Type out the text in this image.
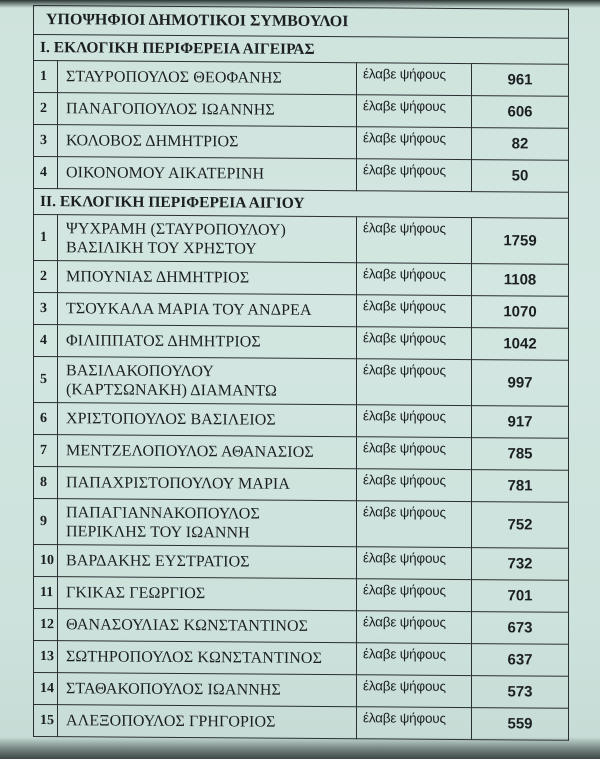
ΥΠΟΨΗΦΙΟΙ ΔΗΜΟΤΙΚΟΙ ΣΥΜΒΟΥΛΟΙ			
Ι. ΕΚΛΟΓΙΚΗ ΠΕΡΙΦΕΡΕΙΑ ΑΙΓΕΙΡΑΣ			
1	ΣΤΑΥΡΟΠΟΥΛΟΣ ΘΕΟΦΑΝΗΣ	έλαβε ψήφους	961
2	ΠΑΝΑΓΟΠΟΥΛΟΣ ΙΩΑΝΝΗΣ	έλαβε ψήφους	606
3	ΚΟΛΟΒΟΣ ΔΗΜΗΤΡΙΟΣ	έλαβε ψήφους	82
4	ΟΙΚΟΝΟΜΟΥ ΑΙΚΑΤΕΡΙΝΗ	έλαβε ψήφους	50
ΙΙ. ΕΚΛΟΓΙΚΗ ΠΕΡΙΦΕΡΕΙΑ ΑΙΓΙΟΥ			
1	ΨΥΧΡΑΜΗ (ΣΤΑΥΡΟΠΟΥΛΟΥ)
ΒΑΣΙΛΙΚΗ ΤΟΥ ΧΡΗΣΤΟΥ	έλαβε ψήφους	1759
2	ΜΠΟΥΝΙΑΣ ΔΗΜΗΤΡΙΟΣ	έλαβε ψήφους	1108
3	ΤΣΟΥΚΑΛΑ ΜΑΡΙΑ ΤΟΥ ΑΝΔΡΕΑ	έλαβε ψήφους	1070
4	ΦΙΛΙΠΠΑΤΟΣ ΔΗΜΗΤΡΙΟΣ	έλαβε ψήφους	1042
5	ΒΑΣΙΛΑΚΟΠΟΥΛΟΥ
(ΚΑΡΤΣΩΝΑΚΗ) ΔΙΑΜΑΝΤΩ	έλαβε ψήφους	997
6	ΧΡΙΣΤΟΠΟΥΛΟΣ ΒΑΣΙΛΕΙΟΣ	έλαβε ψήφους	917
7	ΜΕΝΤΖΕΛΟΠΟΥΛΟΣ ΑΘΑΝΑΣΙΟΣ	έλαβε ψήφους	785
8	ΠΑΠΑΧΡΙΣΤΟΠΟΥΛΟΥ ΜΑΡΙΑ	έλαβε ψήφους	781
9	ΠΑΠΑΓΙΑΝΝΑΚΟΠΟΥΛΟΣ
ΠΕΡΙΚΛΗΣ ΤΟΥ ΙΩΑΝΝΗ	έλαβε ψήφους	752
10	ΒΑΡΔΑΚΗΣ ΕΥΣΤΡΑΤΙΟΣ	έλαβε ψήφους	732
11	ΓΚΙΚΑΣ ΓΕΩΡΓΙΟΣ	έλαβε ψήφους	701
12	ΘΑΝΑΣΟΥΛΙΑΣ ΚΩΝΣΤΑΝΤΙΝΟΣ	έλαβε ψήφους	673
13	ΣΩΤΗΡΟΠΟΥΛΟΣ ΚΩΝΣΤΑΝΤΙΝΟΣ	έλαβε ψήφους	637
14	ΣΤΑΘΑΚΟΠΟΥΛΟΣ ΙΩΑΝΝΗΣ	έλαβε ψήφους	573
15	ΑΛΕΞΟΠΟΥΛΟΣ ΓΡΗΓΟΡΙΟΣ	έλαβε ψήφους	559
